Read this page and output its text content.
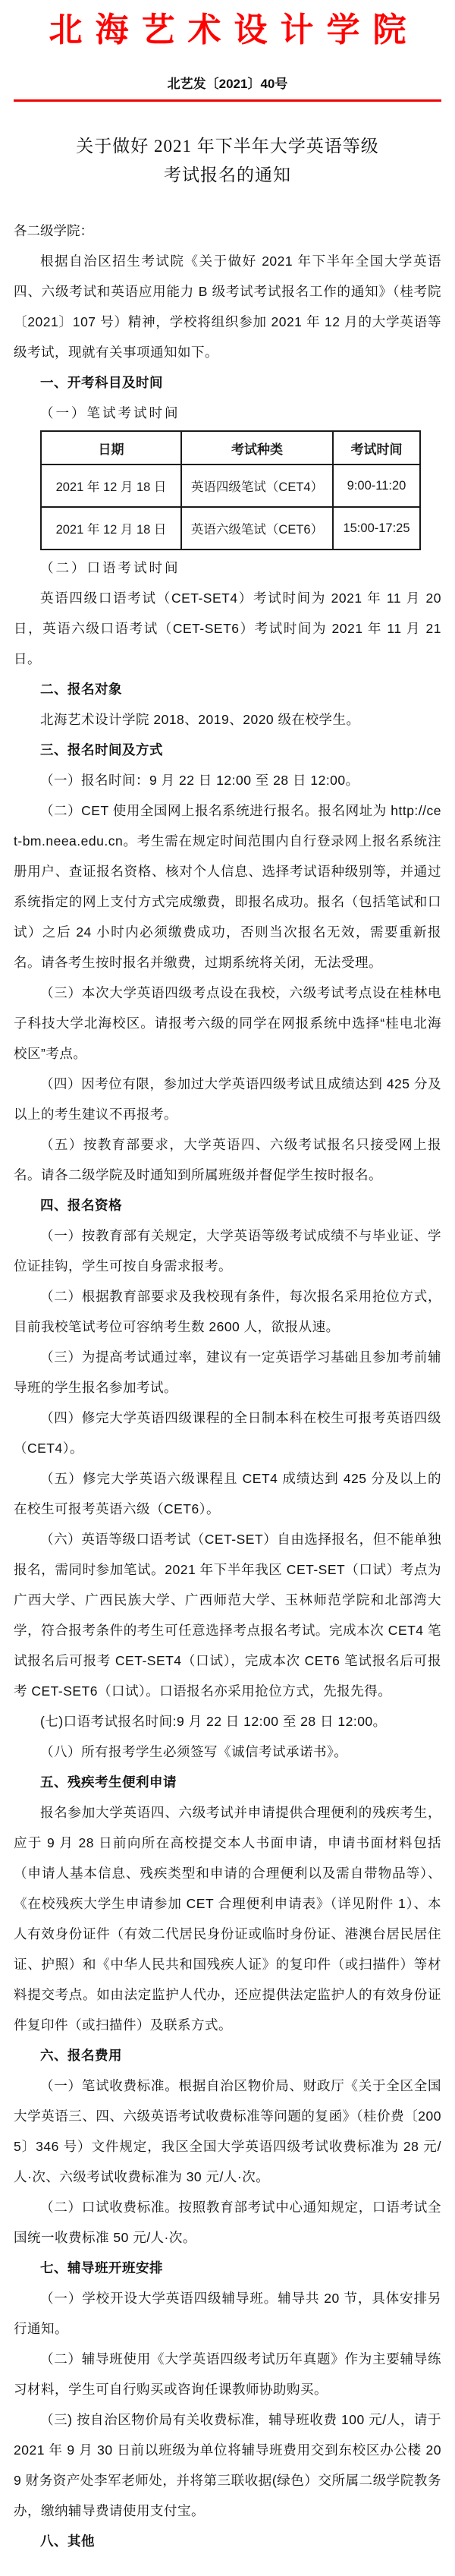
北海艺术设计学院
北艺发〔2021〕40号
关于做好 2021 年下半年大学英语等级
考试报名的通知
各二级学院：

根据自治区招生考试院《关于做好 2021 年下半年全国大学英语四、六级考试和英语应用能力 B 级考试考试报名工作的通知》（桂考院〔2021〕107 号）精神，学校将组织参加 2021 年 12 月的大学英语等级考试，现就有关事项通知如下。

一、开考科目及时间

（一）笔试考试时间

日期	考试种类	考试时间
2021 年 12 月 18 日	英语四级笔试（CET4）	9:00-11:20
2021 年 12 月 18 日	英语六级笔试（CET6）	15:00-17:25

（二）口语考试时间

英语四级口语考试（CET-SET4）考试时间为 2021 年 11 月 20 日，英语六级口语考试（CET-SET6）考试时间为 2021 年 11 月 21 日。

二、报名对象

北海艺术设计学院 2018、2019、2020 级在校学生。

三、报名时间及方式

（一）报名时间：9 月 22 日 12:00 至 28 日 12:00。

（二）CET 使用全国网上报名系统进行报名。报名网址为 http://cet-bm.neea.edu.cn。考生需在规定时间范围内自行登录网上报名系统注册用户、查证报名资格、核对个人信息、选择考试语种级别等，并通过系统指定的网上支付方式完成缴费，即报名成功。报名（包括笔试和口试）之后 24 小时内必须缴费成功，否则当次报名无效，需要重新报名。请各考生按时报名并缴费，过期系统将关闭，无法受理。

（三）本次大学英语四级考点设在我校，六级考试考点设在桂林电子科技大学北海校区。请报考六级的同学在网报系统中选择“桂电北海校区”考点。

（四）因考位有限，参加过大学英语四级考试且成绩达到 425 分及以上的考生建议不再报考。

（五）按教育部要求，大学英语四、六级考试报名只接受网上报名。请各二级学院及时通知到所属班级并督促学生按时报名。

四、报名资格

（一）按教育部有关规定，大学英语等级考试成绩不与毕业证、学位证挂钩，学生可按自身需求报考。

（二）根据教育部要求及我校现有条件，每次报名采用抢位方式，目前我校笔试考位可容纳考生数 2600 人，欲报从速。

（三）为提高考试通过率，建议有一定英语学习基础且参加考前辅导班的学生报名参加考试。

（四）修完大学英语四级课程的全日制本科在校生可报考英语四级（CET4）。

（五）修完大学英语六级课程且 CET4 成绩达到 425 分及以上的在校生可报考英语六级（CET6）。

（六）英语等级口语考试（CET-SET）自由选择报名，但不能单独报名，需同时参加笔试。2021 年下半年我区 CET-SET（口试）考点为广西大学、广西民族大学、广西师范大学、玉林师范学院和北部湾大学，符合报考条件的考生可任意选择考点报名考试。完成本次 CET4 笔试报名后可报考 CET-SET4（口试），完成本次 CET6 笔试报名后可报考 CET-SET6（口试）。口语报名亦采用抢位方式，先报先得。

(七)口语考试报名时间:9 月 22 日 12:00 至 28 日 12:00。

（八）所有报考学生必须签写《诚信考试承诺书》。

五、残疾考生便利申请

报名参加大学英语四、六级考试并申请提供合理便利的残疾考生，应于 9 月 28 日前向所在高校提交本人书面申请，申请书面材料包括（申请人基本信息、残疾类型和申请的合理便利以及需自带物品等）、《在校残疾大学生申请参加 CET 合理便利申请表》（详见附件 1）、本人有效身份证件（有效二代居民身份证或临时身份证、港澳台居民居住证、护照）和《中华人民共和国残疾人证》的复印件（或扫描件）等材料提交考点。如由法定监护人代办，还应提供法定监护人的有效身份证件复印件（或扫描件）及联系方式。

六、报名费用

（一）笔试收费标准。根据自治区物价局、财政厅《关于全区全国大学英语三、四、六级英语考试收费标准等问题的复函》（桂价费〔2005〕346 号）文件规定，我区全国大学英语四级考试收费标准为 28 元/人·次、六级考试收费标准为 30 元/人·次。

（二）口试收费标准。按照教育部考试中心通知规定，口语考试全国统一收费标准 50 元/人·次。

七、辅导班开班安排

（一）学校开设大学英语四级辅导班。辅导共 20 节，具体安排另行通知。

（二）辅导班使用《大学英语四级考试历年真题》作为主要辅导练习材料，学生可自行购买或咨询任课教师协助购买。

（三) 按自治区物价局有关收费标准，辅导班收费 100 元/人，请于 2021 年 9 月 30 日前以班级为单位将辅导班费用交到东校区办公楼 209 财务资产处李军老师处，并将第三联收据(绿色）交所属二级学院教务办，缴纳辅导费请使用支付宝。

八、其他
